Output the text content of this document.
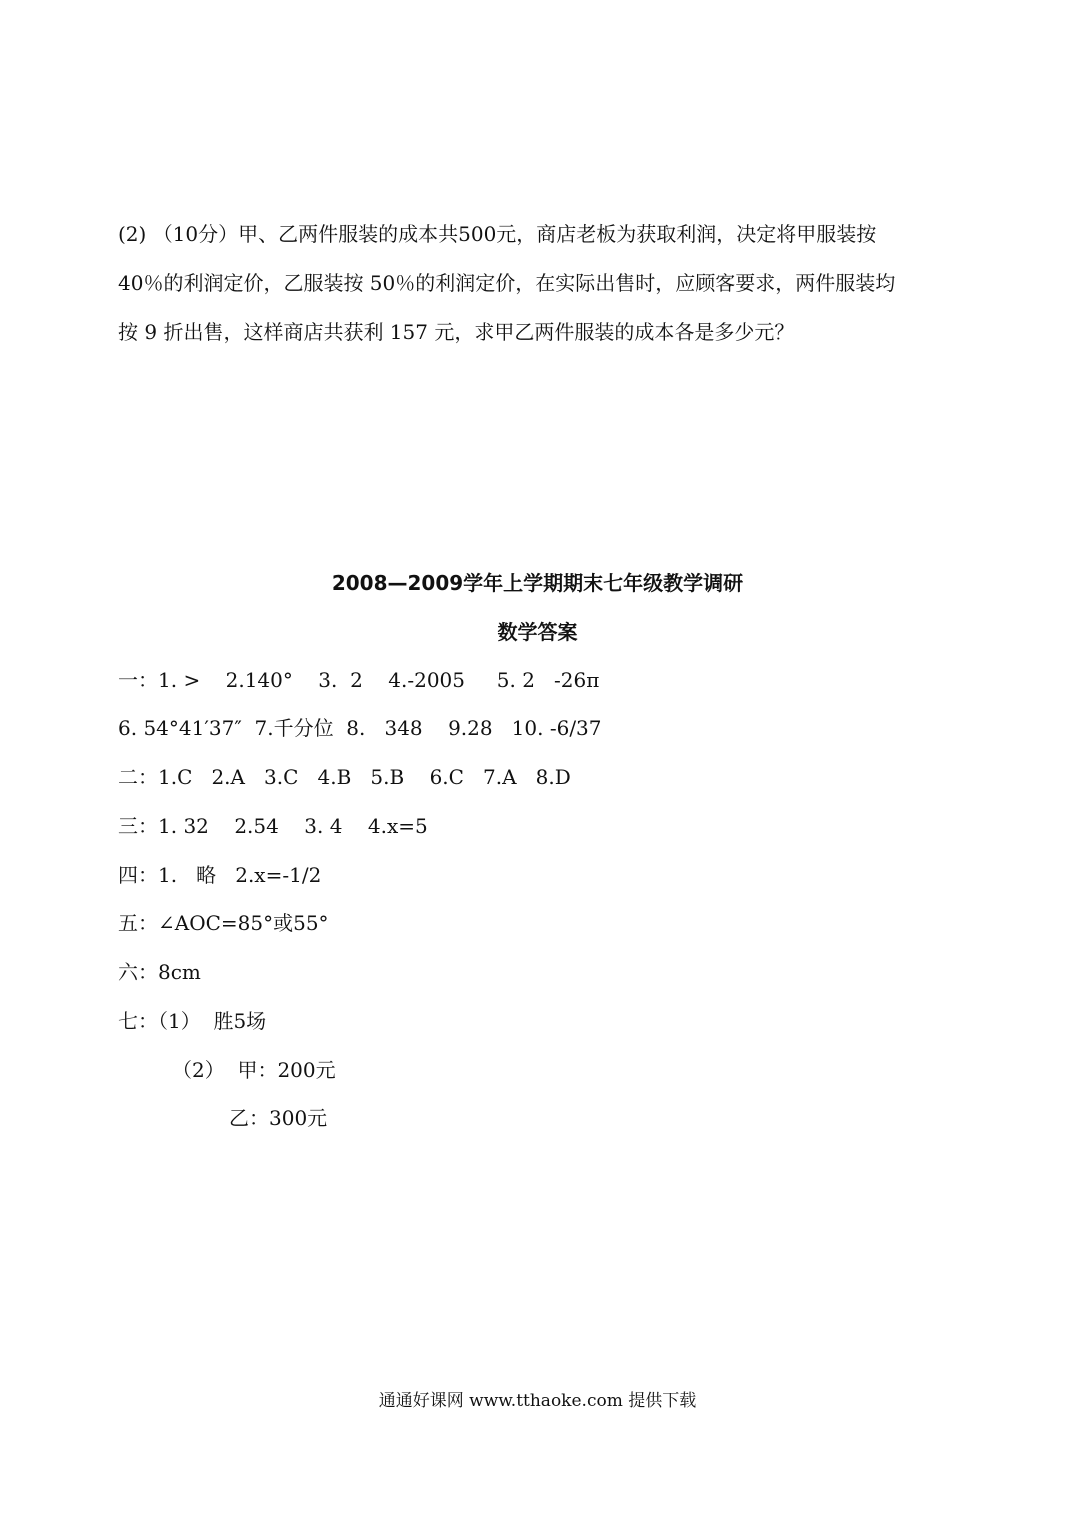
(2) （10分）甲、乙两件服装的成本共500元，商店老板为获取利润，决定将甲服装按
40％的利润定价，乙服装按 50％的利润定价，在实际出售时，应顾客要求，两件服装均
按 9 折出售，这样商店共获利 157 元，求甲乙两件服装的成本各是多少元？
2008—2009学年上学期期末七年级教学调研
数学答案
一：1. >    2.140°    3.  2    4.-2005     5. 2   -26π
6. 54°41′37″  7.千分位  8.   348    9.28   10. -6/37
二：1.C   2.A   3.C   4.B   5.B    6.C   7.A   8.D
三：1. 32    2.54    3. 4    4.x=5
四：1.   略   2.x=-1/2
五：∠AOC=85°或55°
六：8cm
七：（1）  胜5场
（2）  甲：200元
乙：300元
通通好课网 www.tthaoke.com 提供下载
